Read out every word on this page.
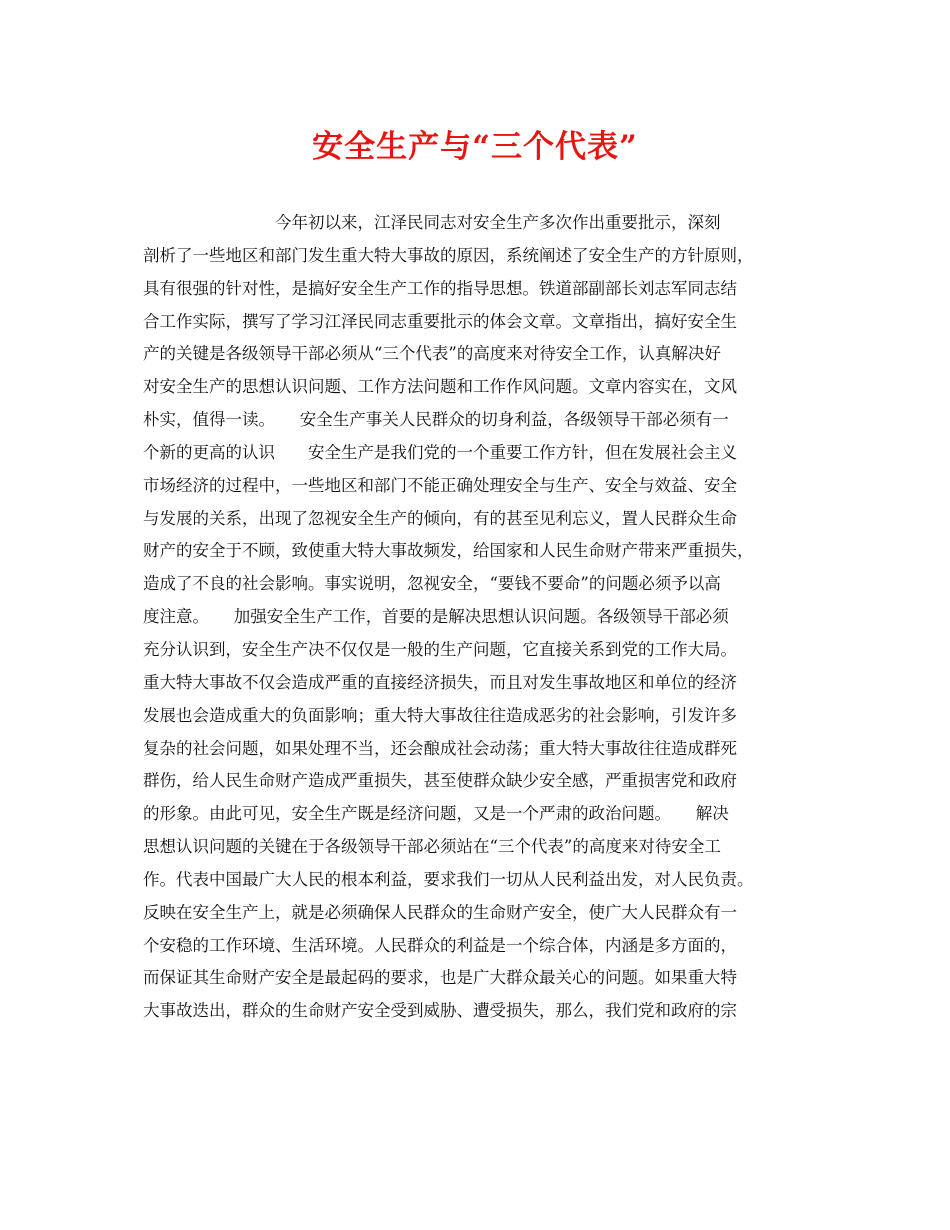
安全生产与“三个代表”
　　　　　　　　今年初以来，江泽民同志对安全生产多次作出重要批示，深刻
剖析了一些地区和部门发生重大特大事故的原因，系统阐述了安全生产的方针原则，
具有很强的针对性，是搞好安全生产工作的指导思想。铁道部副部长刘志军同志结
合工作实际，撰写了学习江泽民同志重要批示的体会文章。文章指出，搞好安全生
产的关键是各级领导干部必须从“三个代表”的高度来对待安全工作，认真解决好
对安全生产的思想认识问题、工作方法问题和工作作风问题。文章内容实在，文风
朴实，值得一读。　　安全生产事关人民群众的切身利益，各级领导干部必须有一
个新的更高的认识　　安全生产是我们党的一个重要工作方针，但在发展社会主义
市场经济的过程中，一些地区和部门不能正确处理安全与生产、安全与效益、安全
与发展的关系，出现了忽视安全生产的倾向，有的甚至见利忘义，置人民群众生命
财产的安全于不顾，致使重大特大事故频发，给国家和人民生命财产带来严重损失，
造成了不良的社会影响。事实说明，忽视安全，“要钱不要命”的问题必须予以高
度注意。　　加强安全生产工作，首要的是解决思想认识问题。各级领导干部必须
充分认识到，安全生产决不仅仅是一般的生产问题，它直接关系到党的工作大局。
重大特大事故不仅会造成严重的直接经济损失，而且对发生事故地区和单位的经济
发展也会造成重大的负面影响；重大特大事故往往造成恶劣的社会影响，引发许多
复杂的社会问题，如果处理不当，还会酿成社会动荡；重大特大事故往往造成群死
群伤，给人民生命财产造成严重损失，甚至使群众缺少安全感，严重损害党和政府
的形象。由此可见，安全生产既是经济问题，又是一个严肃的政治问题。　　解决
思想认识问题的关键在于各级领导干部必须站在“三个代表”的高度来对待安全工
作。代表中国最广大人民的根本利益，要求我们一切从人民利益出发，对人民负责。
反映在安全生产上，就是必须确保人民群众的生命财产安全，使广大人民群众有一
个安稳的工作环境、生活环境。人民群众的利益是一个综合体，内涵是多方面的，
而保证其生命财产安全是最起码的要求，也是广大群众最关心的问题。如果重大特
大事故迭出，群众的生命财产安全受到威胁、遭受损失，那么，我们党和政府的宗
